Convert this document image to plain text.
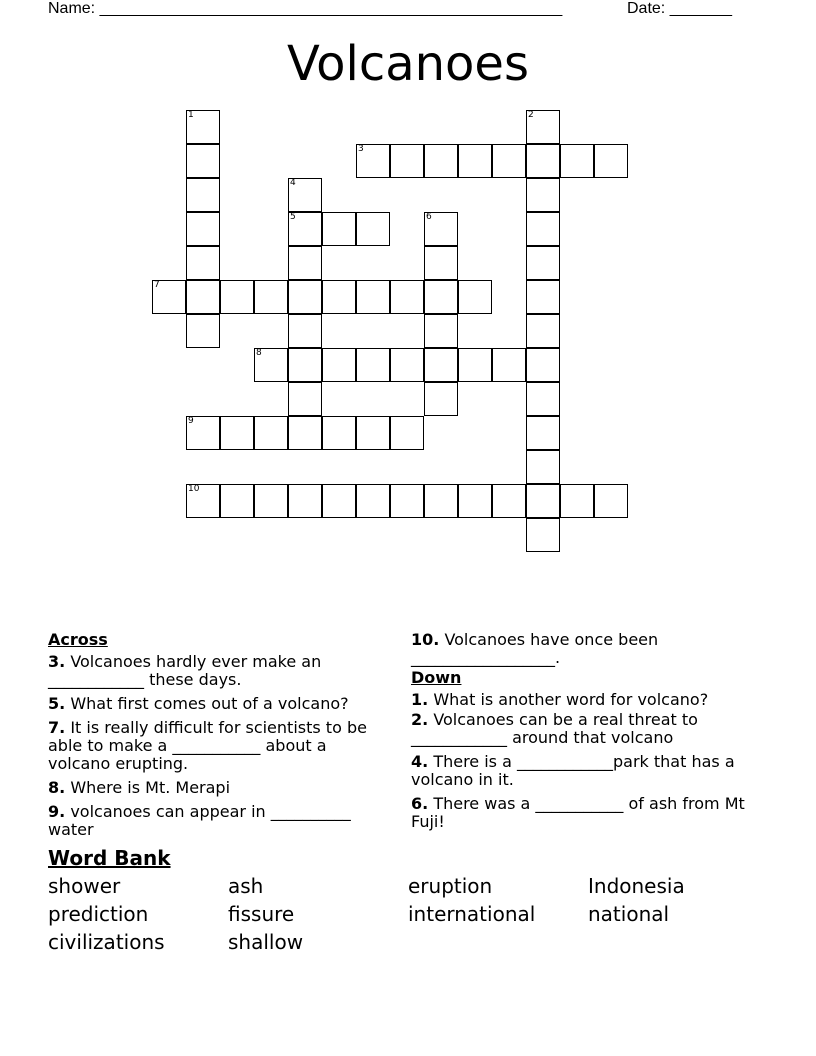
Name: ____________________________________________________	Date: _______
Volcanoes
1	2
3
4
5	6
7
8
9
10
Across
3. Volcanoes hardly ever make an ____________ these days.
5. What first comes out of a volcano?
7. It is really difficult for scientists to be able to make a ___________ about a volcano erupting.
8. Where is Mt. Merapi
9. volcanoes can appear in __________ water
10. Volcanoes have once been __________________.
Down
1. What is another word for volcano?
2. Volcanoes can be a real threat to ____________ around that volcano
4. There is a ____________park that has a volcano in it.
6. There was a ___________ of ash from Mt Fuji!
Word Bank
shower	ash	eruption	Indonesia
prediction	fissure	international	national
civilizations	shallow
